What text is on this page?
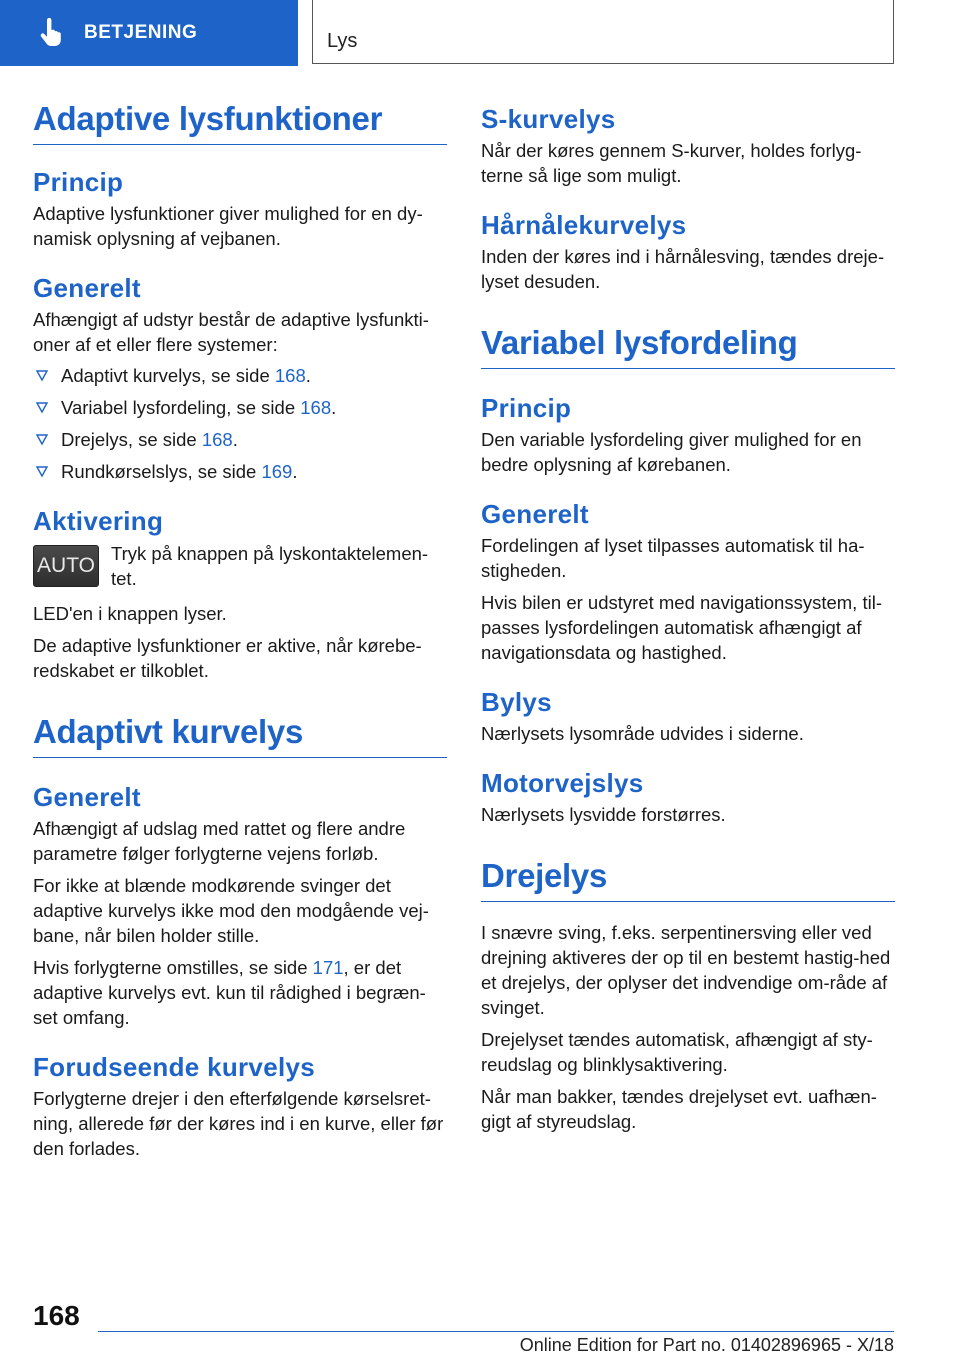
BETJENING	Lys
Adaptive lysfunktioner
Princip

Adaptive lysfunktioner giver mulighed for en dy-namisk oplysning af vejbanen.

Generelt

Afhængigt af udstyr består de adaptive lysfunkti-oner af et eller flere systemer:

Adaptivt kurvelys, se side 168.
Variabel lysfordeling, se side 168.
Drejelys, se side 168.
Rundkørselslys, se side 169.
Aktivering
AUTO

Tryk på knappen på lyskontaktelemen-tet.

LED'en i knappen lyser.

De adaptive lysfunktioner er aktive, når kørebe-redskabet er tilkoblet.

Adaptivt kurvelys
Generelt

Afhængigt af udslag med rattet og flere andre parametre følger forlygterne vejens forløb.

For ikke at blænde modkørende svinger det adaptive kurvelys ikke mod den modgående vej-bane, når bilen holder stille.

Hvis forlygterne omstilles, se side 171, er det adaptive kurvelys evt. kun til rådighed i begræn-set omfang.

Forudseende kurvelys

Forlygterne drejer i den efterfølgende kørselsret-ning, allerede før der køres ind i en kurve, eller før den forlades.

S-kurvelys

Når der køres gennem S-kurver, holdes forlyg-terne så lige som muligt.

Hårnålekurvelys

Inden der køres ind i hårnålesving, tændes dreje-lyset desuden.

Variabel lysfordeling
Princip

Den variable lysfordeling giver mulighed for en bedre oplysning af kørebanen.

Generelt

Fordelingen af lyset tilpasses automatisk til ha-stigheden.

Hvis bilen er udstyret med navigationssystem, til-passes lysfordelingen automatisk afhængigt af navigationsdata og hastighed.

Bylys

Nærlysets lysområde udvides i siderne.

Motorvejslys

Nærlysets lysvidde forstørres.

Drejelys

I snævre sving, f.eks. serpentinersving eller ved drejning aktiveres der op til en bestemt hastig-hed et drejelys, der oplyser det indvendige om-råde af svinget.

Drejelyset tændes automatisk, afhængigt af sty-reudslag og blinklysaktivering.

Når man bakker, tændes drejelyset evt. uafhæn-gigt af styreudslag.

168
Online Edition for Part no. 01402896965 - X/18
